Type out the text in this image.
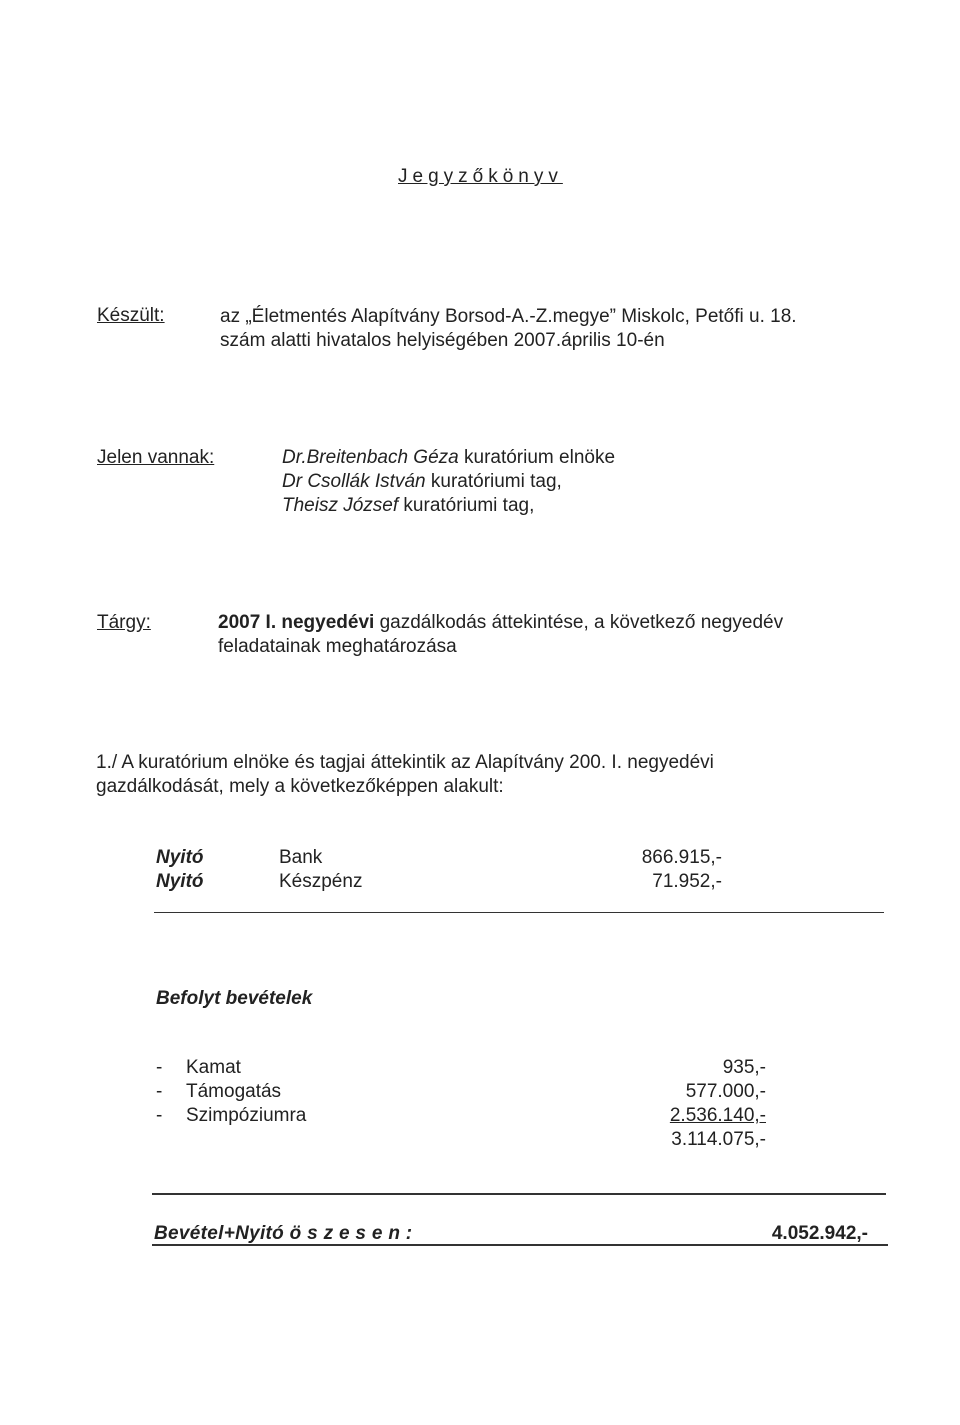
Jegyzőkönyv
Készült:	az „Életmentés Alapítvány Borsod-A.-Z.megye” Miskolc, Petőfi u. 18.
szám alatti hivatalos helyiségében 2007.április 10-én
Jelen vannak:	Dr.Breitenbach Géza kuratórium elnöke
Dr Csollák István kuratóriumi tag,
Theisz József kuratóriumi tag,
Tárgy:	2007 I. negyedévi gazdálkodás áttekintése, a következő negyedév
feladatainak meghatározása
1./ A kuratórium elnöke és tagjai áttekintik az Alapítvány 200. I. negyedévi
gazdálkodását, mely a következőképpen alakult:
Nyitó	Bank	866.915,-
Nyitó	Készpénz	71.952,-
Befolyt bevételek
- Kamat	935,-
- Támogatás	577.000,-
- Szimpóziumra	2.536.140,-
3.114.075,-
Bevétel+Nyitó ö s z e s e n :	4.052.942,-
